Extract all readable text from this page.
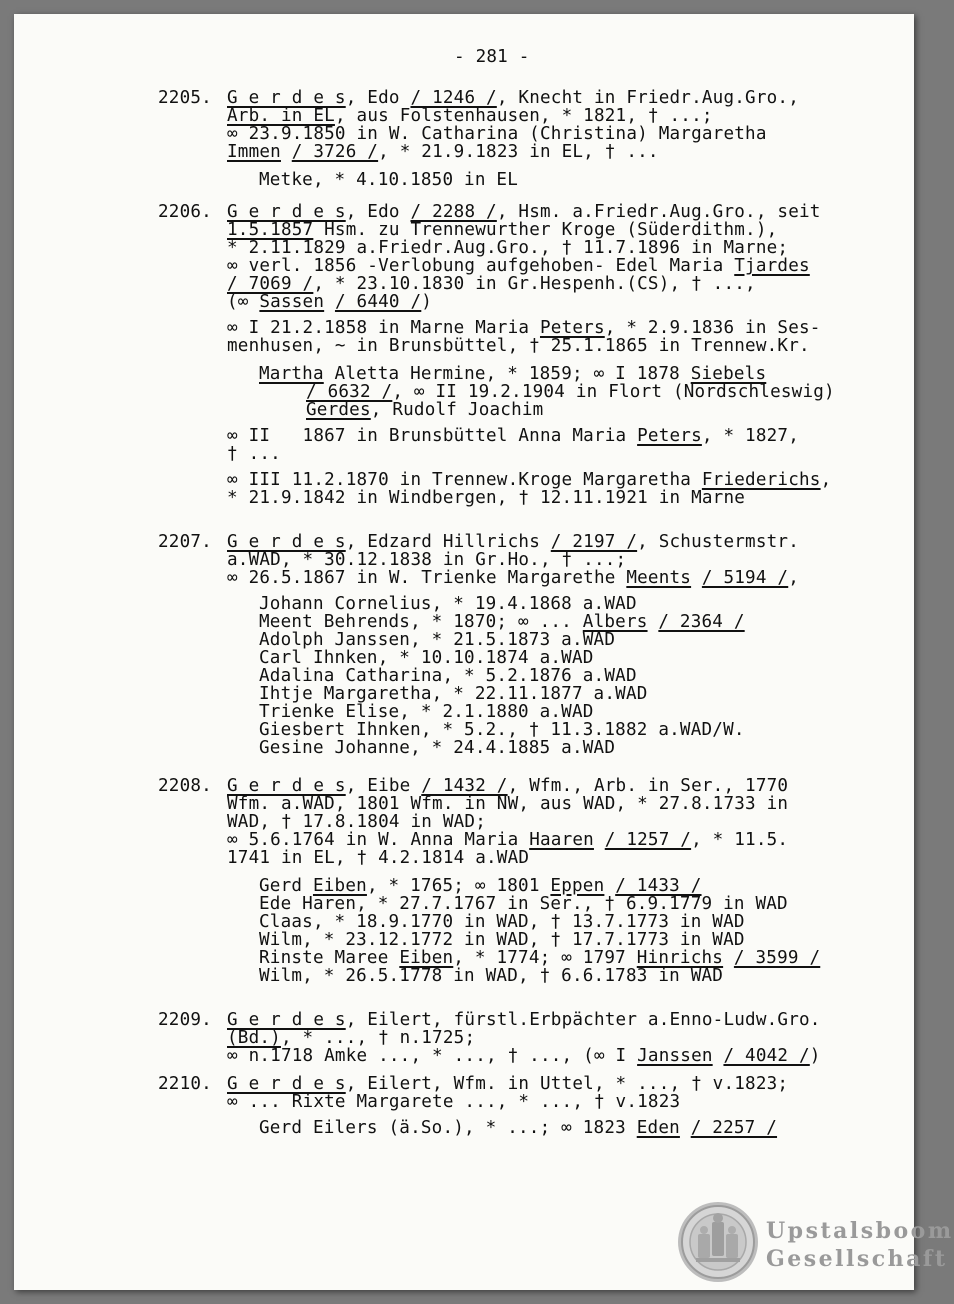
- 281 -
2205. G e r d e s, Edo / 1246 /, Knecht in Friedr.Aug.Gro.,
Arb. in EL, aus Folstenhausen, * 1821, † ...;
∞ 23.9.1850 in W. Catharina (Christina) Margaretha
Immen / 3726 /, * 21.9.1823 in EL, † ...
Metke, * 4.10.1850 in EL
2206. G e r d e s, Edo / 2288 /, Hsm. a.Friedr.Aug.Gro., seit
1.5.1857 Hsm. zu Trennewurther Kroge (Süderdithm.),
* 2.11.1829 a.Friedr.Aug.Gro., † 11.7.1896 in Marne;
∞ verl. 1856 -Verlobung aufgehoben- Edel Maria Tjardes
/ 7069 /, * 23.10.1830 in Gr.Hespenh.(CS), † ...,
(∞ Sassen / 6440 /)
∞ I 21.2.1858 in Marne Maria Peters, * 2.9.1836 in Ses-
menhusen, ~ in Brunsbüttel, † 25.1.1865 in Trennew.Kr.
Martha Aletta Hermine, * 1859; ∞ I 1878 Siebels
/ 6632 /, ∞ II 19.2.1904 in Flort (Nordschleswig)
Gerdes, Rudolf Joachim
∞ II   1867 in Brunsbüttel Anna Maria Peters, * 1827,
† ...
∞ III 11.2.1870 in Trennew.Kroge Margaretha Friederichs,
* 21.9.1842 in Windbergen, † 12.11.1921 in Marne
2207. G e r d e s, Edzard Hillrichs / 2197 /, Schustermstr.
a.WAD, * 30.12.1838 in Gr.Ho., † ...;
∞ 26.5.1867 in W. Trienke Margarethe Meents / 5194 /,
Johann Cornelius, * 19.4.1868 a.WAD
Meent Behrends, * 1870; ∞ ... Albers / 2364 /
Adolph Janssen, * 21.5.1873 a.WAD
Carl Ihnken, * 10.10.1874 a.WAD
Adalina Catharina, * 5.2.1876 a.WAD
Ihtje Margaretha, * 22.11.1877 a.WAD
Trienke Elise, * 2.1.1880 a.WAD
Giesbert Ihnken, * 5.2., † 11.3.1882 a.WAD/W.
Gesine Johanne, * 24.4.1885 a.WAD
2208. G e r d e s, Eibe / 1432 /, Wfm., Arb. in Ser., 1770
Wfm. a.WAD, 1801 Wfm. in NW, aus WAD, * 27.8.1733 in
WAD, † 17.8.1804 in WAD;
∞ 5.6.1764 in W. Anna Maria Haaren / 1257 /, * 11.5.
1741 in EL, † 4.2.1814 a.WAD
Gerd Eiben, * 1765; ∞ 1801 Eppen / 1433 /
Ede Haren, * 27.7.1767 in Ser., † 6.9.1779 in WAD
Claas, * 18.9.1770 in WAD, † 13.7.1773 in WAD
Wilm, * 23.12.1772 in WAD, † 17.7.1773 in WAD
Rinste Maree Eiben, * 1774; ∞ 1797 Hinrichs / 3599 /
Wilm, * 26.5.1778 in WAD, † 6.6.1783 in WAD
2209. G e r d e s, Eilert, fürstl.Erbpächter a.Enno-Ludw.Gro.
(Bd.), * ..., † n.1725;
∞ n.1718 Amke ..., * ..., † ..., (∞ I Janssen / 4042 /)
2210. G e r d e s, Eilert, Wfm. in Uttel, * ..., † v.1823;
∞ ... Rixte Margarete ..., * ..., † v.1823
Gerd Eilers (ä.So.), * ...; ∞ 1823 Eden / 2257 /
Upstalsboom
Gesellschaft
